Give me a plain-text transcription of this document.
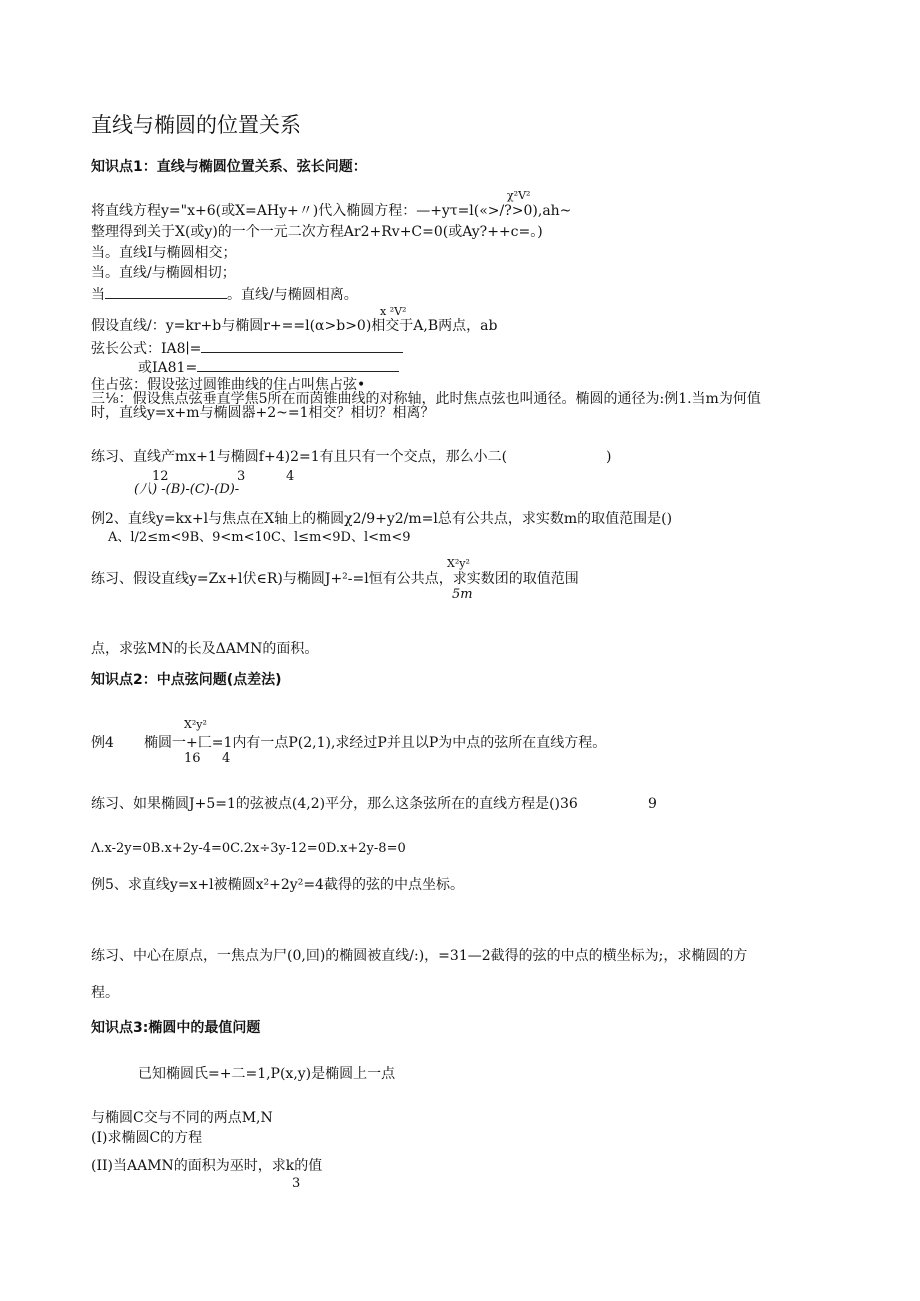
直线与椭圆的位置关系
知识点1：直线与椭圆位置关系、弦长问题：
χ²V²
将直线方程y="x+6(或X=AHy+〃)代入椭圆方程：—+yτ=l(«>/?>0),ah~
整理得到关于X(或y)的一个一元二次方程Ar2+Rv+C=0(或Ay?++c=。)
当。直线I与椭圆相交；
当。直线/与椭圆相切；
当	。直线/与椭圆相离。
x ²V²
假设直线/：y=kr+b与椭圆r+==l(α>b>0)相交于A,B两点，ab
弦长公式：IA8∣=
或IA81=
住占弦：假设弦过圆锥曲线的住占叫焦占弦•
三⅛：假设焦点弦垂直学焦5所在而茵锥曲线的对称轴，此时焦点弦也叫通径。椭圆的通径为:例1.当m为何值
时，直线y=x+m与椭圆器+2~=1相交？相切？相离？
练习、直线产mx+1与椭圆f+4)2=1有且只有一个交点，那么小二(	)
12	3	4
(八) -(B)-(C)-(D)-
例2、直线y=kx+l与焦点在X轴上的椭圆χ2/9+y2/m=l总有公共点，求实数m的取值范围是()
A、l/2≤m<9B、9<m<10C、l≤m<9D、l<m<9
X²y²
练习、假设直线y=Zx+l伏∈R)与椭圆J+²-=l恒有公共点，求实数团的取值范围
5m
点，求弦MN的长及ΔAMN的面积。
知识点2：中点弦问题(点差法)
X²y²
例4 椭圆一+匚=1内有一点P(2,1),求经过P并且以P为中点的弦所在直线方程。
16 4
练习、如果椭圆J+5=1的弦被点(4,2)平分，那么这条弦所在的直线方程是()36	9
Λ.x-2y=0B.x+2y-4=0C.2x÷3y-12=0D.x+2y-8=0
例5、求直线y=x+l被椭圆x²+2y²=4截得的弦的中点坐标。
练习、中心在原点，一焦点为尸(0,回)的椭圆被直线/:)，=31—2截得的弦的中点的横坐标为;，求椭圆的方
程。
知识点3:椭圆中的最值问题
已知椭圆氏=+二=1,P(x,y)是椭圆上一点
与椭圆C交与不同的两点M,N
(I)求椭圆C的方程
(II)当AAMN的面积为巫时，求k的值
3
